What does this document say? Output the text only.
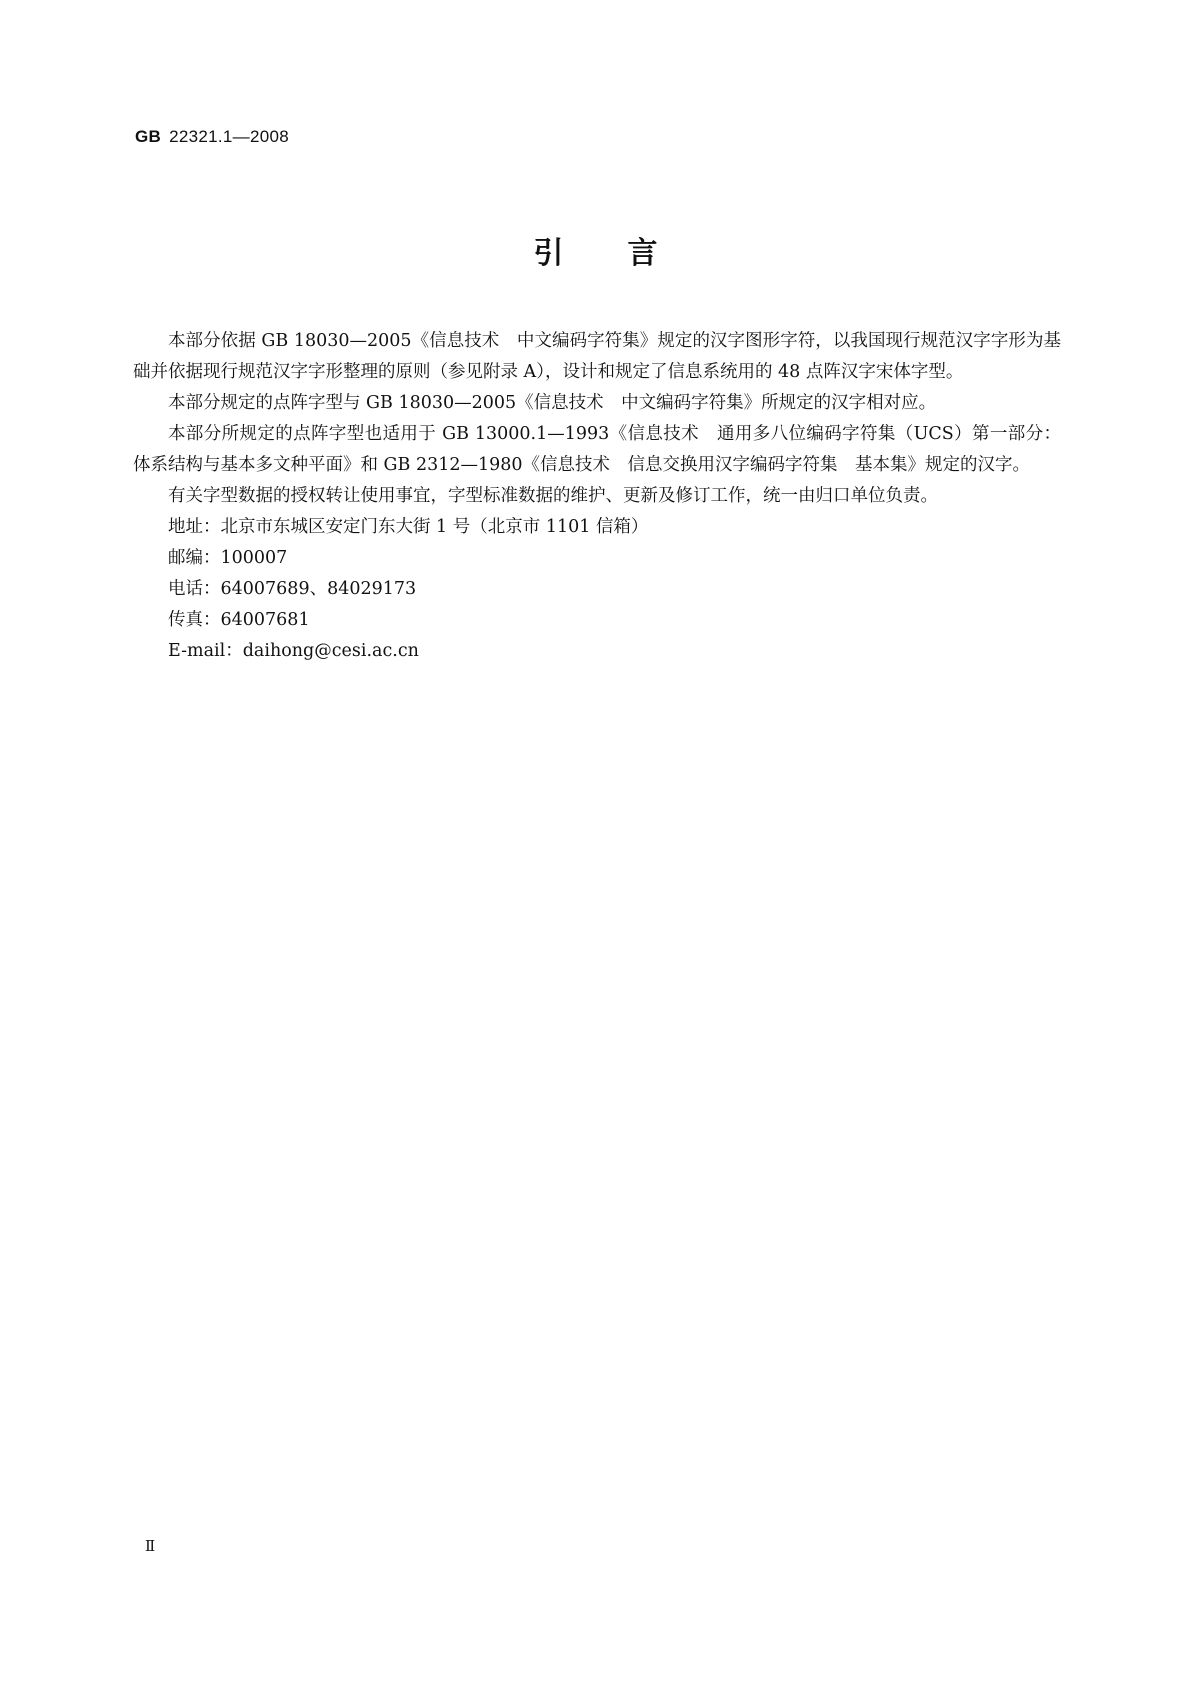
GB 22321.1—2008
引言

本部分依据 GB 18030—2005《信息技术　中文编码字符集》规定的汉字图形字符，以我国现行规范汉字字形为基础并依据现行规范汉字字形整理的原则（参见附录 A），设计和规定了信息系统用的 48 点阵汉字宋体字型。

本部分规定的点阵字型与 GB 18030—2005《信息技术　中文编码字符集》所规定的汉字相对应。

本部分所规定的点阵字型也适用于 GB 13000.1—1993《信息技术　通用多八位编码字符集（UCS）第一部分：体系结构与基本多文种平面》和 GB 2312—1980《信息技术　信息交换用汉字编码字符集　基本集》规定的汉字。

有关字型数据的授权转让使用事宜，字型标准数据的维护、更新及修订工作，统一由归口单位负责。

地址：北京市东城区安定门东大街 1 号（北京市 1101 信箱）

邮编：100007

电话：64007689、84029173

传真：64007681

E-mail：daihong@cesi.ac.cn

Ⅱ
